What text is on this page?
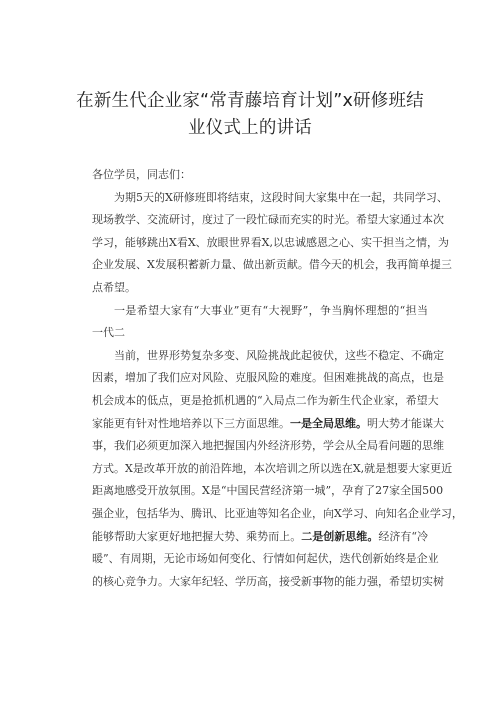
在新生代企业家“常青藤培育计划”x研修班结
业仪式上的讲话
各位学员，同志们：
为期5天的X研修班即将结束，这段时间大家集中在一起，共同学习、
现场教学、交流研讨，度过了一段忙碌而充实的时光。希望大家通过本次
学习，能够跳出X看X、放眼世界看X,以忠诚感恩之心、实干担当之情，为
企业发展、X发展积蓄新力量、做出新贡献。借今天的机会，我再简单提三
点希望。
一是希望大家有“大事业”更有“大视野”，争当胸怀理想的“担当
一代二
当前，世界形势复杂多变、风险挑战此起彼伏，这些不稳定、不确定
因素，增加了我们应对风险、克服风险的难度。但困难挑战的高点，也是
机会成本的低点，更是抢抓机遇的“入局点二作为新生代企业家，希望大
家能更有针对性地培养以下三方面思维。一是全局思维。明大势才能谋大
事，我们必须更加深入地把握国内外经济形势，学会从全局看问题的思维
方式。X是改革开放的前沿阵地，本次培训之所以选在X,就是想要大家更近
距离地感受开放氛围。X是“中国民营经济第一城”，孕育了27家全国500
强企业，包括华为、腾讯、比亚迪等知名企业，向X学习、向知名企业学习，
能够帮助大家更好地把握大势、乘势而上。二是创新思维。经济有“冷
暖”、有周期，无论市场如何变化、行情如何起伏，迭代创新始终是企业
的核心竞争力。大家年纪轻、学历高，接受新事物的能力强，希望切实树
